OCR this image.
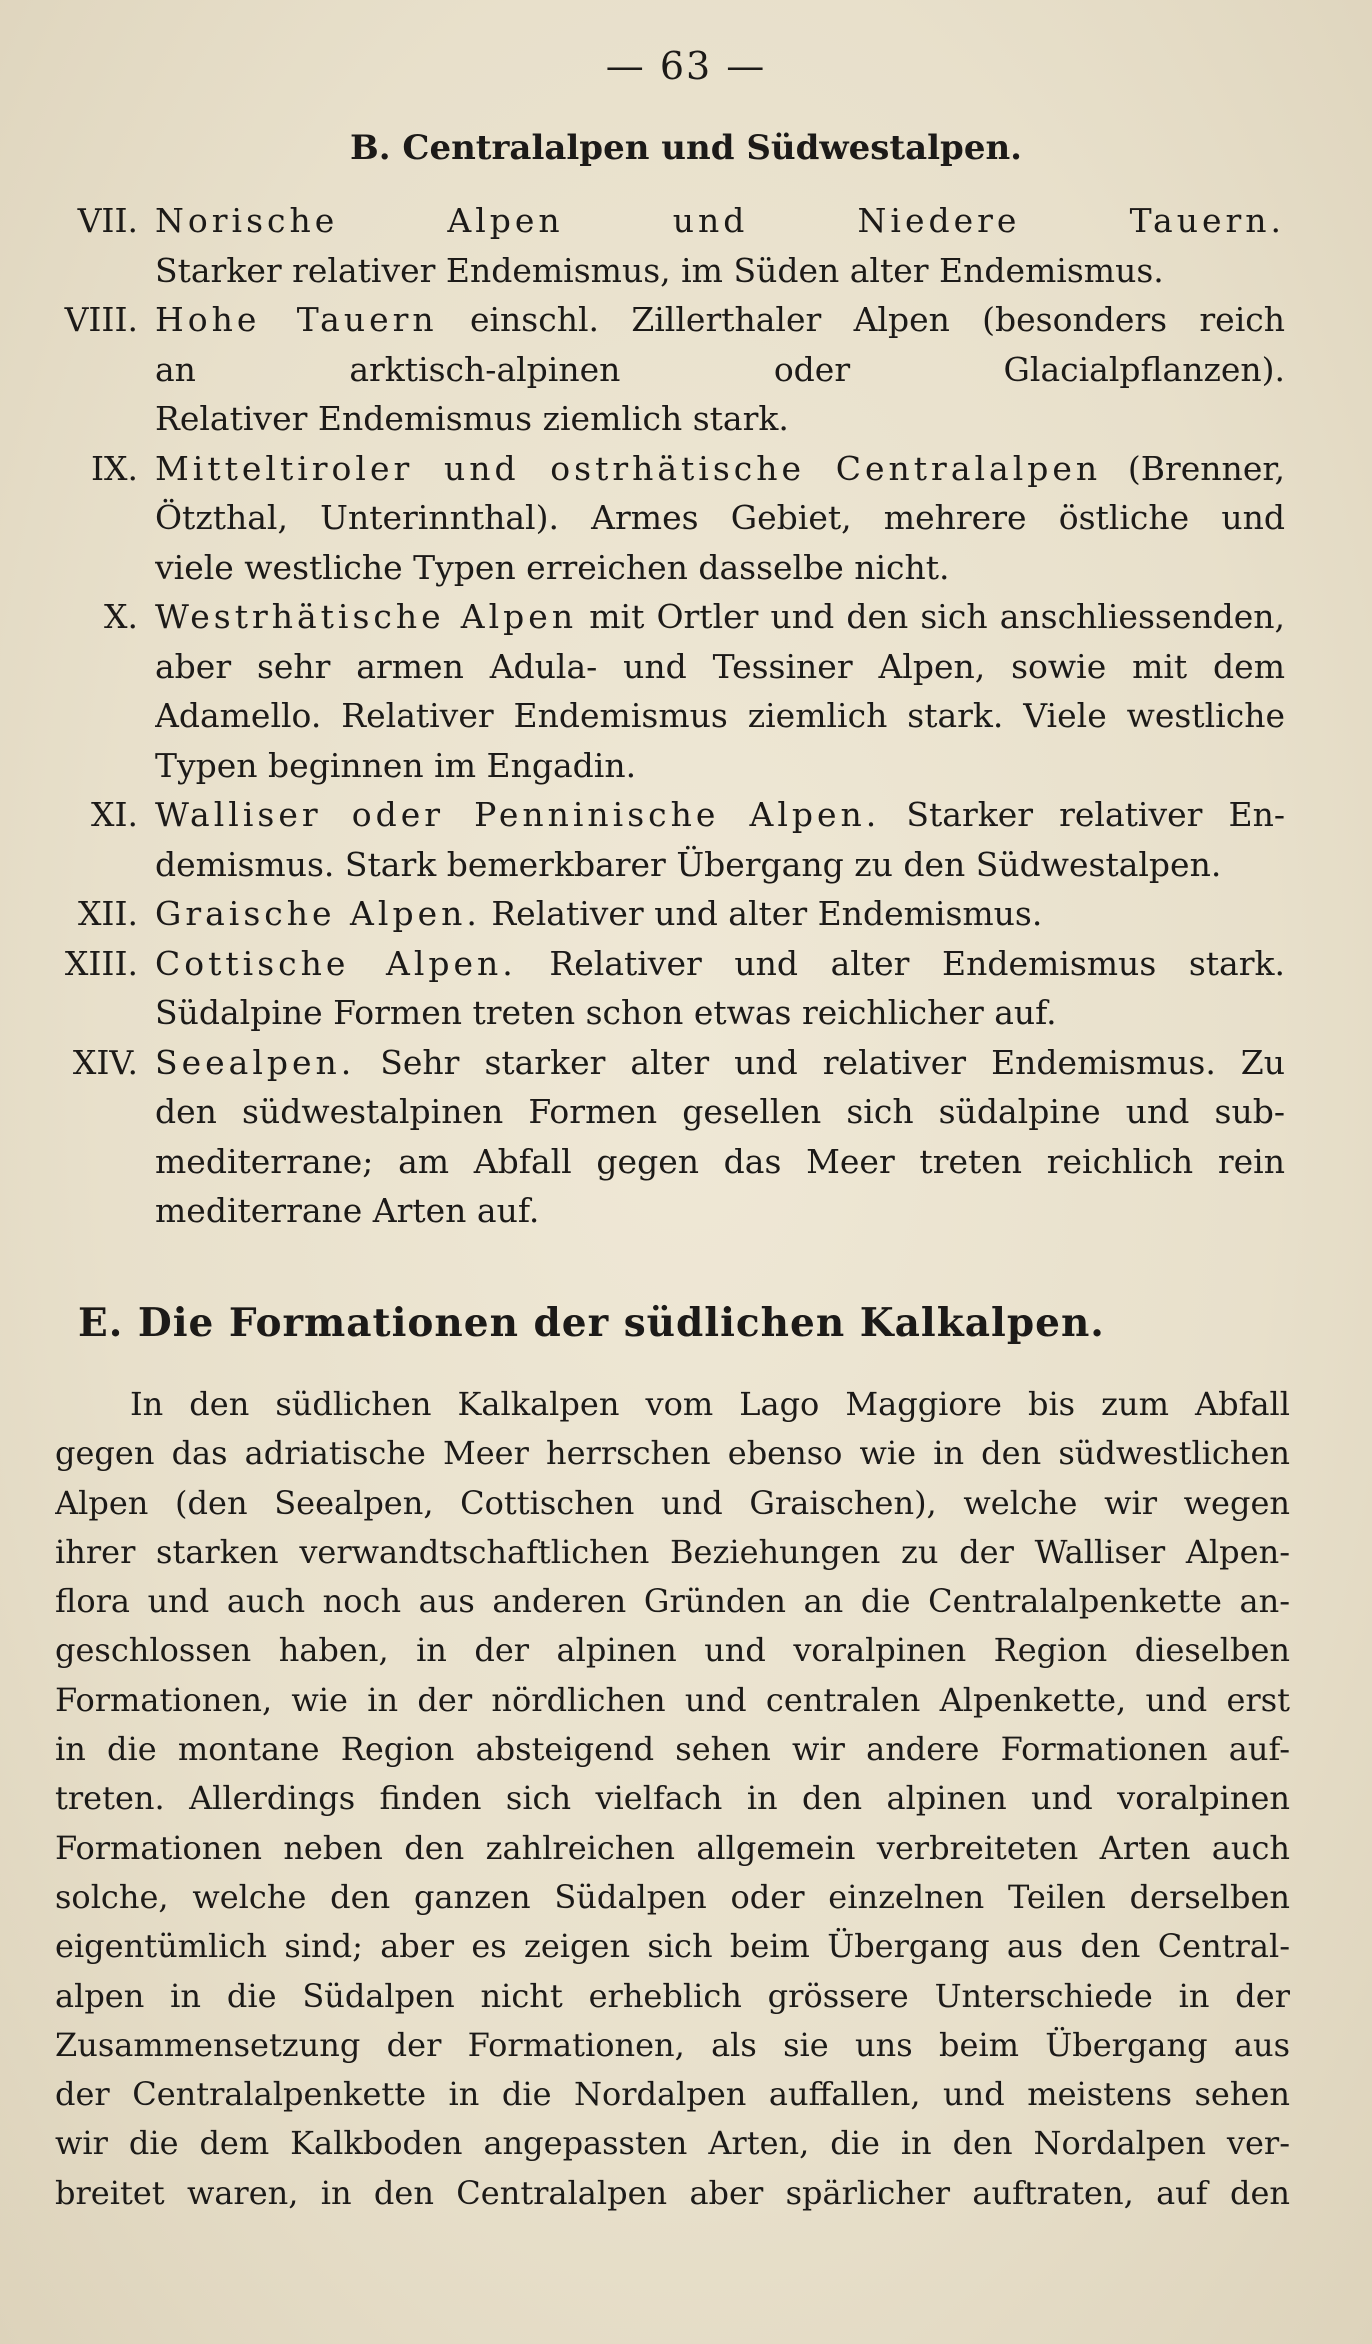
— 63 —
B. Centralalpen und Südwestalpen.
VII. Norische Alpen und Niedere Tauern.
Starker relativer Endemismus, im Süden alter Endemismus.
VIII. Hohe Tauern einschl. Zillerthaler Alpen (besonders reich
an arktisch-alpinen oder Glacialpflanzen).
Relativer Endemismus ziemlich stark.
IX. Mitteltiroler und ostrhätische Centralalpen (Brenner,
Ötzthal, Unterinnthal). Armes Gebiet, mehrere östliche und
viele westliche Typen erreichen dasselbe nicht.
X. Westrhätische Alpen mit Ortler und den sich anschliessenden,
aber sehr armen Adula- und Tessiner Alpen, sowie mit dem
Adamello. Relativer Endemismus ziemlich stark. Viele westliche
Typen beginnen im Engadin.
XI. Walliser oder Penninische Alpen. Starker relativer En-
demismus. Stark bemerkbarer Übergang zu den Südwestalpen.
XII. Graische Alpen. Relativer und alter Endemismus.
XIII. Cottische Alpen. Relativer und alter Endemismus stark.
Südalpine Formen treten schon etwas reichlicher auf.
XIV. Seealpen. Sehr starker alter und relativer Endemismus. Zu
den südwestalpinen Formen gesellen sich südalpine und sub-
mediterrane; am Abfall gegen das Meer treten reichlich rein
mediterrane Arten auf.
E. Die Formationen der südlichen Kalkalpen.
In den südlichen Kalkalpen vom Lago Maggiore bis zum Abfall
gegen das adriatische Meer herrschen ebenso wie in den südwestlichen
Alpen (den Seealpen, Cottischen und Graischen), welche wir wegen
ihrer starken verwandtschaftlichen Beziehungen zu der Walliser Alpen-
flora und auch noch aus anderen Gründen an die Centralalpenkette an-
geschlossen haben, in der alpinen und voralpinen Region dieselben
Formationen, wie in der nördlichen und centralen Alpenkette, und erst
in die montane Region absteigend sehen wir andere Formationen auf-
treten. Allerdings finden sich vielfach in den alpinen und voralpinen
Formationen neben den zahlreichen allgemein verbreiteten Arten auch
solche, welche den ganzen Südalpen oder einzelnen Teilen derselben
eigentümlich sind; aber es zeigen sich beim Übergang aus den Central-
alpen in die Südalpen nicht erheblich grössere Unterschiede in der
Zusammensetzung der Formationen, als sie uns beim Übergang aus
der Centralalpenkette in die Nordalpen auffallen, und meistens sehen
wir die dem Kalkboden angepassten Arten, die in den Nordalpen ver-
breitet waren, in den Centralalpen aber spärlicher auftraten, auf den
